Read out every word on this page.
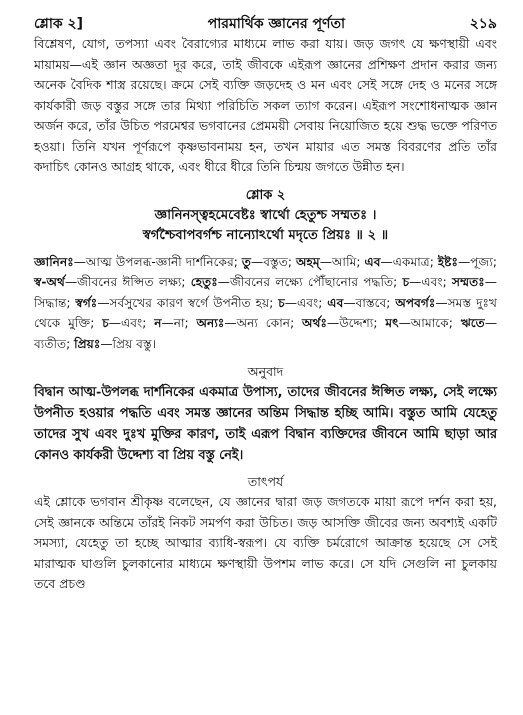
শ্লোক ২]	পারমার্থিক জ্ঞানের পূর্ণতা	২১৯

বিশ্লেষণ, যোগ, তপস্যা এবং বৈরাগ্যের মাধ্যমে লাভ করা যায়। জড় জগৎ যে ক্ষণস্থায়ী এবং মায়াময়—এই জ্ঞান অজ্ঞতা দূর করে, তাই জীবকে এইরূপ জ্ঞানের প্রশিক্ষণ প্রদান করার জন্য অনেক বৈদিক শাস্ত্র রয়েছে। ক্রমে সেই ব্যক্তি জড়দেহ ও মন এবং সেই সঙ্গে দেহ ও মনের সঙ্গে কার্যকারী জড় বস্তুর সঙ্গে তার মিথ্যা পরিচিতি সকল ত্যাগ করেন। এইরূপ সংশোধনাত্মক জ্ঞান অর্জন করে, তাঁর উচিত পরমেশ্বর ভগবানের প্রেমময়ী সেবায় নিয়োজিত হয়ে শুদ্ধ ভক্তে পরিণত হওয়া। তিনি যখন পূর্ণরূপে কৃষ্ণভাবনাময় হন, তখন মায়ার এত সমস্ত বিবরণের প্রতি তাঁর কদাচিৎ কোনও আগ্রহ থাকে, এবং ধীরে ধীরে তিনি চিন্ময় জগতে উন্নীত হন।

শ্লোক ২
জ্ঞানিনস্ত্বহমেবেষ্টঃ স্বার্থো হেতুশ্চ সম্মতঃ ।
স্বর্গশ্চৈবাপবর্গশ্চ নান্যোঽর্থো মদৃতে প্রিয়ঃ ॥ ২ ॥
জ্ঞানিনঃ—আত্ম উপলব্ধ-জ্ঞানী দার্শনিকের; তু—বস্তুত; অহম্—আমি; এব—একমাত্র; ইষ্টঃ—পূজ্য; স্ব-অর্থ—জীবনের ঈপ্সিত লক্ষ্য; হেতুঃ—জীবনের লক্ষ্যে পৌঁছানোর পদ্ধতি; চ—এবং; সম্মতঃ—সিদ্ধান্ত; স্বর্গঃ—সর্বসুখের কারণ স্বর্গে উপনীত হয়; চ—এবং; এব—বাস্তবে; অপবর্গঃ—সমস্ত দুঃখ থেকে মুক্তি; চ—এবং; ন—না; অন্যঃ—অন্য কোন; অর্থঃ—উদ্দেশ্য; মৎ—আমাকে; ঋতে—ব্যতীত; প্রিয়ঃ—প্রিয় বস্তু।
অনুবাদ
বিদ্বান আত্ম-উপলব্ধ দার্শনিকের একমাত্র উপাস্য, তাদের জীবনের ঈপ্সিত লক্ষ্য, সেই লক্ষ্যে উপনীত হওয়ার পদ্ধতি এবং সমস্ত জ্ঞানের অন্তিম সিদ্ধান্ত হচ্ছি আমি। বস্তুত আমি যেহেতু তাদের সুখ এবং দুঃখ মুক্তির কারণ, তাই এরূপ বিদ্বান ব্যক্তিদের জীবনে আমি ছাড়া আর কোনও কার্যকরী উদ্দেশ্য বা প্রিয় বস্তু নেই।
তাৎপর্য

এই শ্লোকে ভগবান শ্রীকৃষ্ণ বলেছেন, যে জ্ঞানের দ্বারা জড় জগতকে মায়া রূপে দর্শন করা হয়, সেই জ্ঞানকে অন্তিমে তাঁরই নিকট সমর্পণ করা উচিত। জড় আসক্তি জীবের জন্য অবশ্যই একটি সমস্যা, যেহেতু তা হচ্ছে আত্মার ব্যাধি-স্বরূপ। যে ব্যক্তি চর্মরোগে আক্রান্ত হয়েছে সে সেই মারাত্মক ঘাগুলি চুলকানোর মাধ্যমে ক্ষণস্থায়ী উপশম লাভ করে। সে যদি সেগুলি না চুলকায় তবে প্রচণ্ড
